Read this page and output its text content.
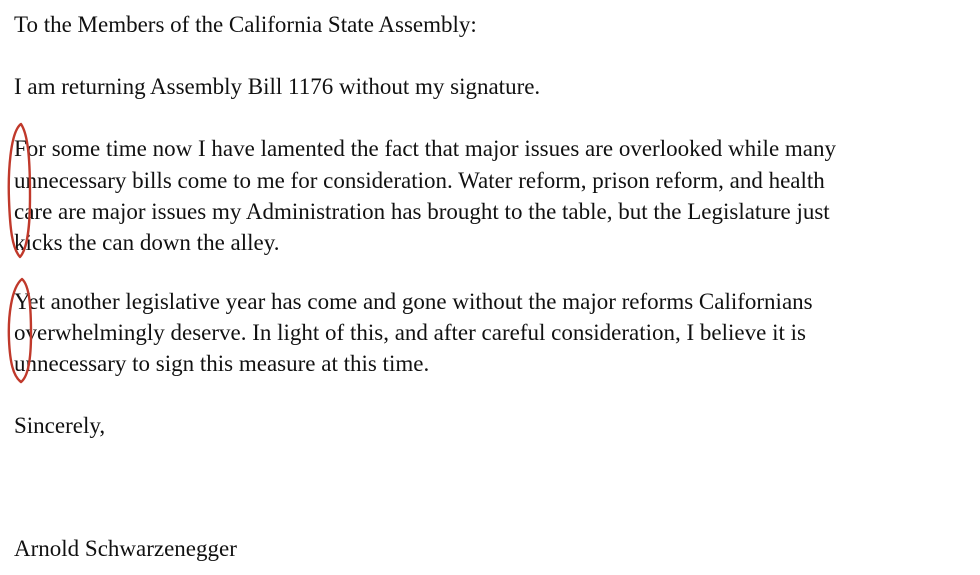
To the Members of the California State Assembly:

I am returning Assembly Bill 1176 without my signature.

For some time now I have lamented the fact that major issues are overlooked while many

unnecessary bills come to me for consideration. Water reform, prison reform, and health

care are major issues my Administration has brought to the table, but the Legislature just

kicks the can down the alley.

Yet another legislative year has come and gone without the major reforms Californians

overwhelmingly deserve. In light of this, and after careful consideration, I believe it is

unnecessary to sign this measure at this time.

Sincerely,

Arnold Schwarzenegger
